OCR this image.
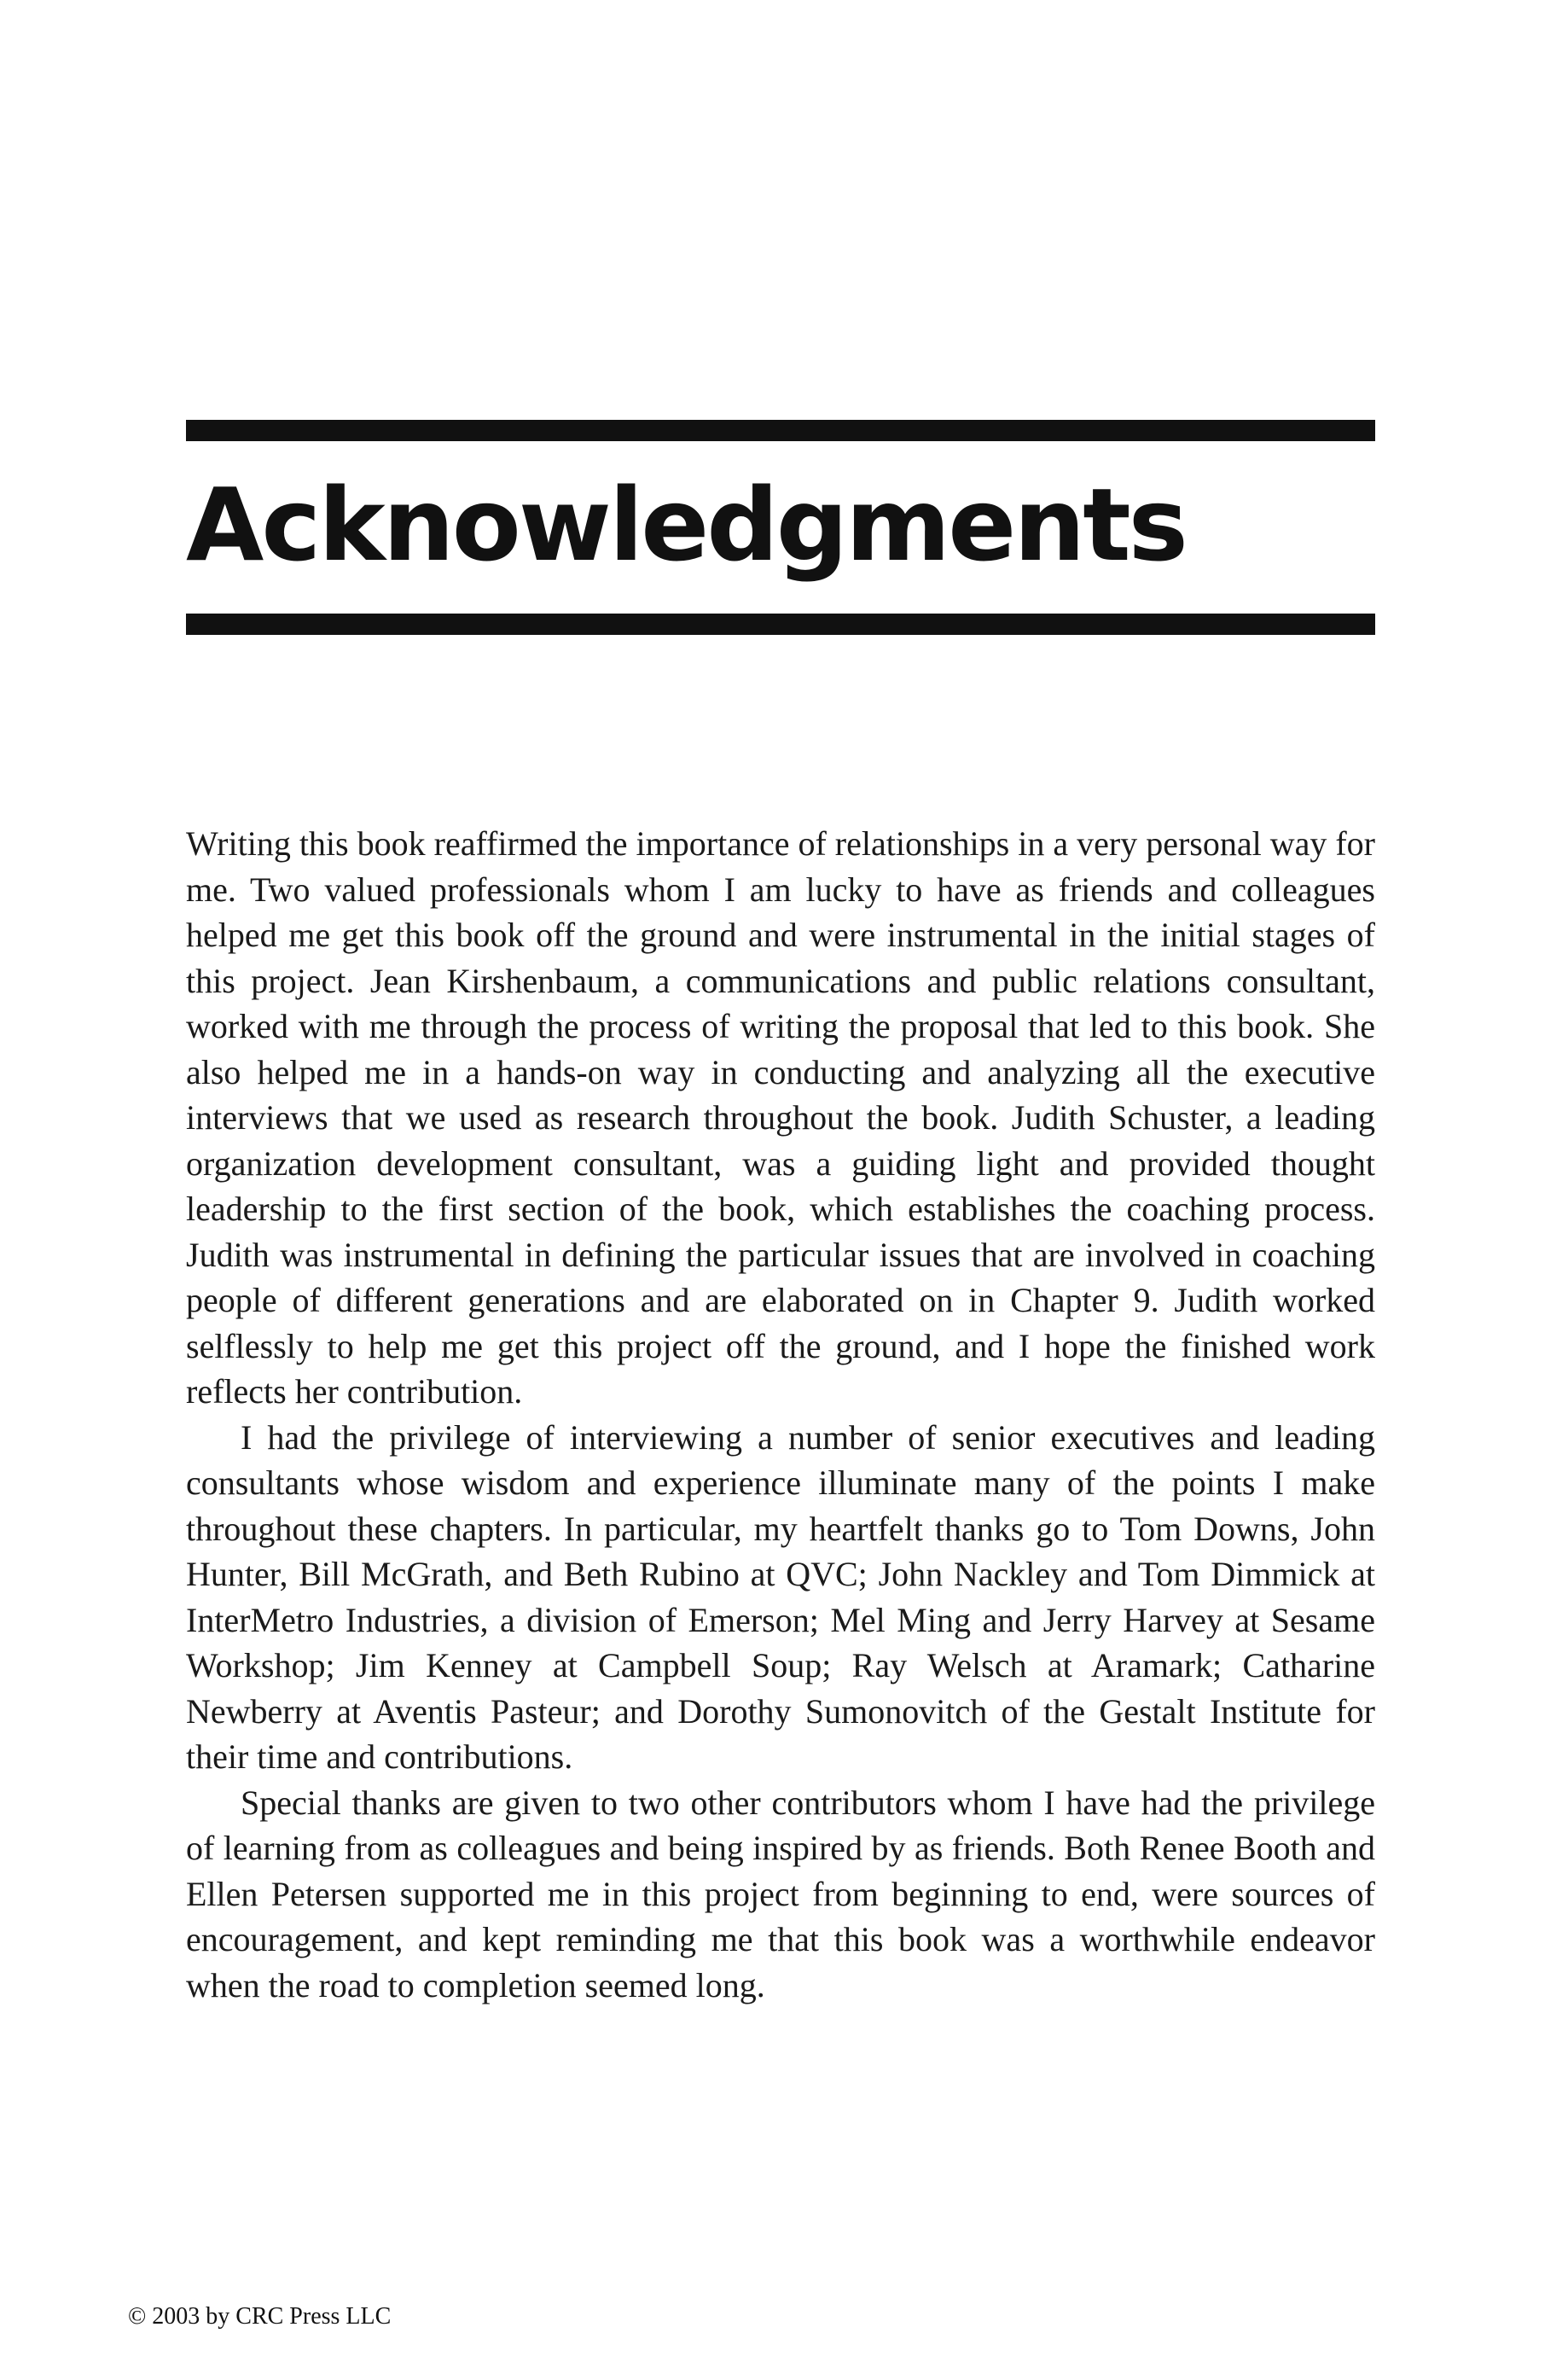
Acknowledgments

Writing this book reaffirmed the importance of relationships in a very personal way for me. Two valued professionals whom I am lucky to have as friends and colleagues helped me get this book off the ground and were instrumental in the initial stages of this project. Jean Kirshenbaum, a communications and public relations consultant, worked with me through the process of writing the proposal that led to this book. She also helped me in a hands-on way in conducting and analyzing all the executive interviews that we used as research throughout the book. Judith Schuster, a leading organization development consultant, was a guiding light and provided thought leadership to the first section of the book, which establishes the coaching process. Judith was instrumental in defining the particular issues that are involved in coaching people of different generations and are elaborated on in Chapter 9. Judith worked selflessly to help me get this project off the ground, and I hope the finished work reflects her contribution.

I had the privilege of interviewing a number of senior executives and leading consultants whose wisdom and experience illuminate many of the points I make throughout these chapters. In particular, my heartfelt thanks go to Tom Downs, John Hunter, Bill McGrath, and Beth Rubino at QVC; John Nackley and Tom Dimmick at InterMetro Industries, a division of Emerson; Mel Ming and Jerry Harvey at Sesame Workshop; Jim Kenney at Campbell Soup; Ray Welsch at Aramark; Catharine Newberry at Aventis Pasteur; and Dorothy Sumonovitch of the Gestalt Institute for their time and contributions.

Special thanks are given to two other contributors whom I have had the privilege of learning from as colleagues and being inspired by as friends. Both Renee Booth and Ellen Petersen supported me in this project from beginning to end, were sources of encouragement, and kept reminding me that this book was a worthwhile endeavor when the road to completion seemed long.

© 2003 by CRC Press LLC
